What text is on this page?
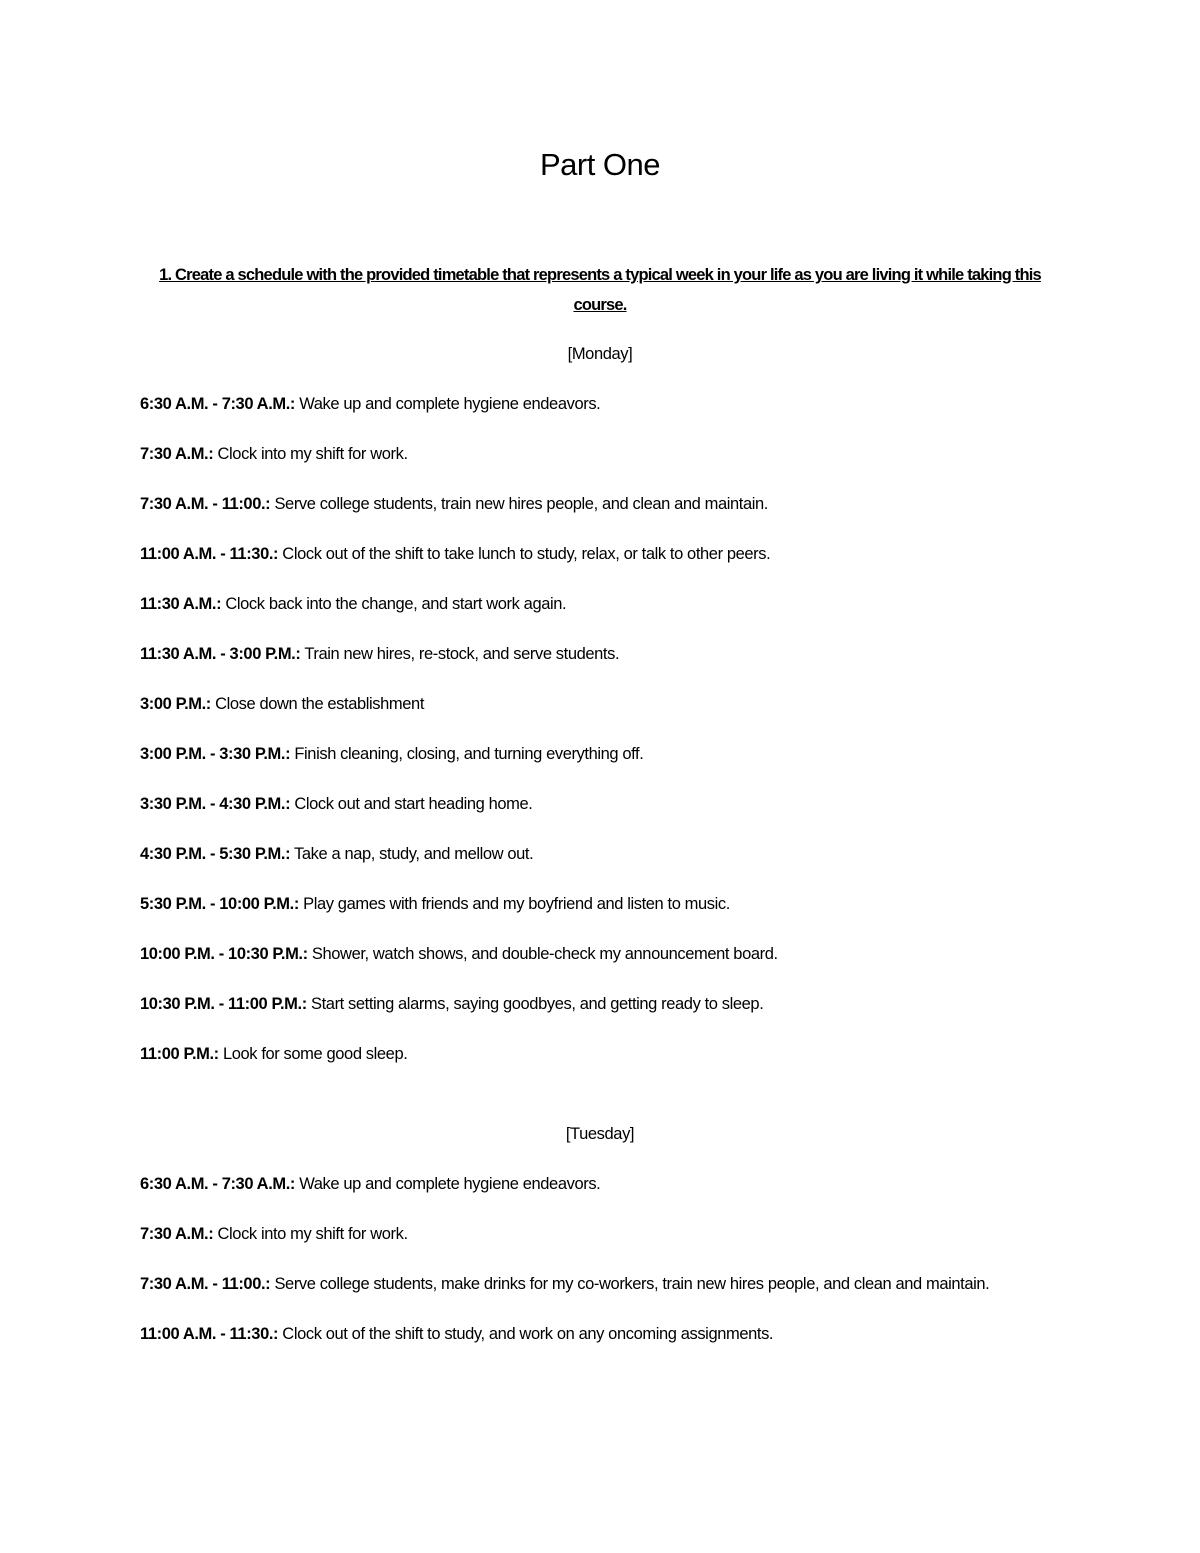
Part One

1. Create a schedule with the provided timetable that represents a typical week in your life as you are living it while taking this course.

[Monday]

6:30 A.M. - 7:30 A.M.: Wake up and complete hygiene endeavors.

7:30 A.M.: Clock into my shift for work.

7:30 A.M. - 11:00.: Serve college students, train new hires people, and clean and maintain.

11:00 A.M. - 11:30.: Clock out of the shift to take lunch to study, relax, or talk to other peers.

11:30 A.M.: Clock back into the change, and start work again.

11:30 A.M. - 3:00 P.M.: Train new hires, re-stock, and serve students.

3:00 P.M.: Close down the establishment

3:00 P.M. - 3:30 P.M.: Finish cleaning, closing, and turning everything off.

3:30 P.M. - 4:30 P.M.: Clock out and start heading home.

4:30 P.M. - 5:30 P.M.: Take a nap, study, and mellow out.

5:30 P.M. - 10:00 P.M.: Play games with friends and my boyfriend and listen to music.

10:00 P.M. - 10:30 P.M.: Shower, watch shows, and double-check my announcement board.

10:30 P.M. - 11:00 P.M.: Start setting alarms, saying goodbyes, and getting ready to sleep.

11:00 P.M.: Look for some good sleep.

[Tuesday]

6:30 A.M. - 7:30 A.M.: Wake up and complete hygiene endeavors.

7:30 A.M.: Clock into my shift for work.

7:30 A.M. - 11:00.: Serve college students, make drinks for my co-workers, train new hires people, and clean and maintain.

11:00 A.M. - 11:30.: Clock out of the shift to study, and work on any oncoming assignments.
